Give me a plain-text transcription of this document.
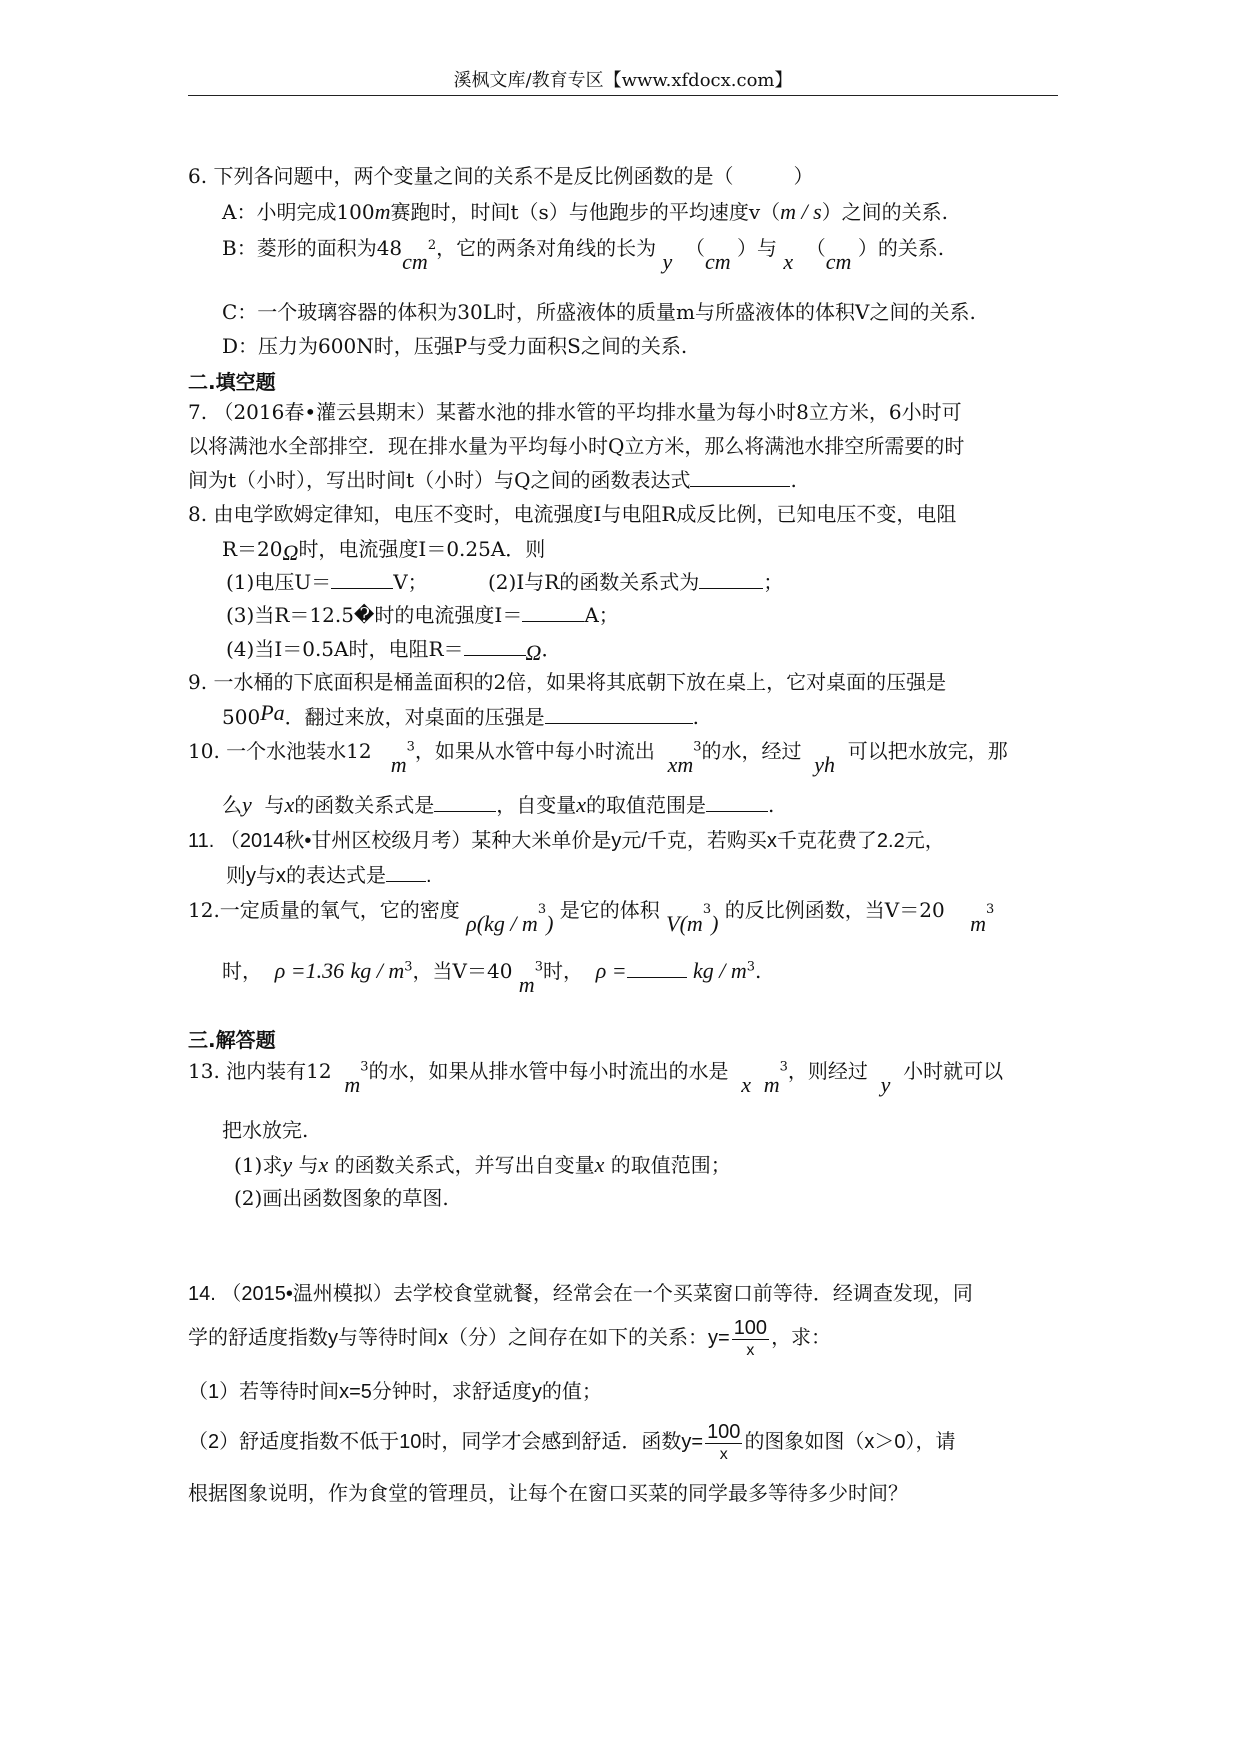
溪枫文库/教育专区【www.xfdocx.com】
6. 下列各问题中，两个变量之间的关系不是反比例函数的是（　　　）
A：小明完成100m赛跑时，时间t（s）与他跑步的平均速度v（m / s）之间的关系.
B：菱形的面积为$48cm^2$，它的两条对角线的长为 y  （cm ）与 x  （cm ）的关系.
C：一个玻璃容器的体积为30L时，所盛液体的质量m与所盛液体的体积V之间的关系.
D：压力为600N时，压强P与受力面积S之间的关系.
二.填空题
7. （2016春•灌云县期末）某蓄水池的排水管的平均排水量为每小时8立方米，6小时可
以将满池水全部排空．现在排水量为平均每小时Q立方米，那么将满池水排空所需要的时
间为t（小时），写出时间t（小时）与Q之间的函数表达式	.
8. 由电学欧姆定律知，电压不变时，电流强度I与电阻R成反比例，已知电压不变，电阻
R＝20Ω时，电流强度I＝0.25A．则
(1)电压U＝	V；	(2)I与R的函数关系式为	；
(3)当R＝12.5�时的电流强度I＝	A；
(4)当I＝0.5A时，电阻R＝	Ω．
9. 一水桶的下底面积是桶盖面积的2倍，如果将其底朝下放在桌上，它对桌面的压强是
500Pa．翻过来放，对桌面的压强是	.
10. 一个水池装水12   $m^3$，如果从水管中每小时流出  $xm^3$的水，经过  yh  可以把水放完，那
么y 与x的函数关系式是	，自变量x的取值范围是	.
11. （2014秋•甘州区校级月考）某种大米单价是y元/千克，若购买x千克花费了2.2元，
则y与x的表达式是 .
12.一定质量的氧气，它的密度 $\rho(kg / m^3)$ 是它的体积 $V(m^3)$ 的反比例函数，当V＝20    $m^3$
时， ρ =1.36 kg / $m^3$，当V＝40 $m^3$时， ρ =	kg / $m^3$.
三.解答题
13. 池内装有12  $m^3$的水，如果从排水管中每小时流出的水是  x $m^3$，则经过  y  小时就可以
把水放完.
(1)求y 与x 的函数关系式，并写出自变量x 的取值范围；
(2)画出函数图象的草图.
14. （2015•温州模拟）去学校食堂就餐，经常会在一个买菜窗口前等待．经调查发现，同
学的舒适度指数y与等待时间x（分）之间存在如下的关系：$y= \frac{100}{x}$ ，求：
（1）若等待时间x=5分钟时，求舒适度y的值；
（2）舒适度指数不低于10时，同学才会感到舒适．函数$y= \frac{100}{x}$ 的图象如图（x＞0），请
根据图象说明，作为食堂的管理员，让每个在窗口买菜的同学最多等待多少时间？
